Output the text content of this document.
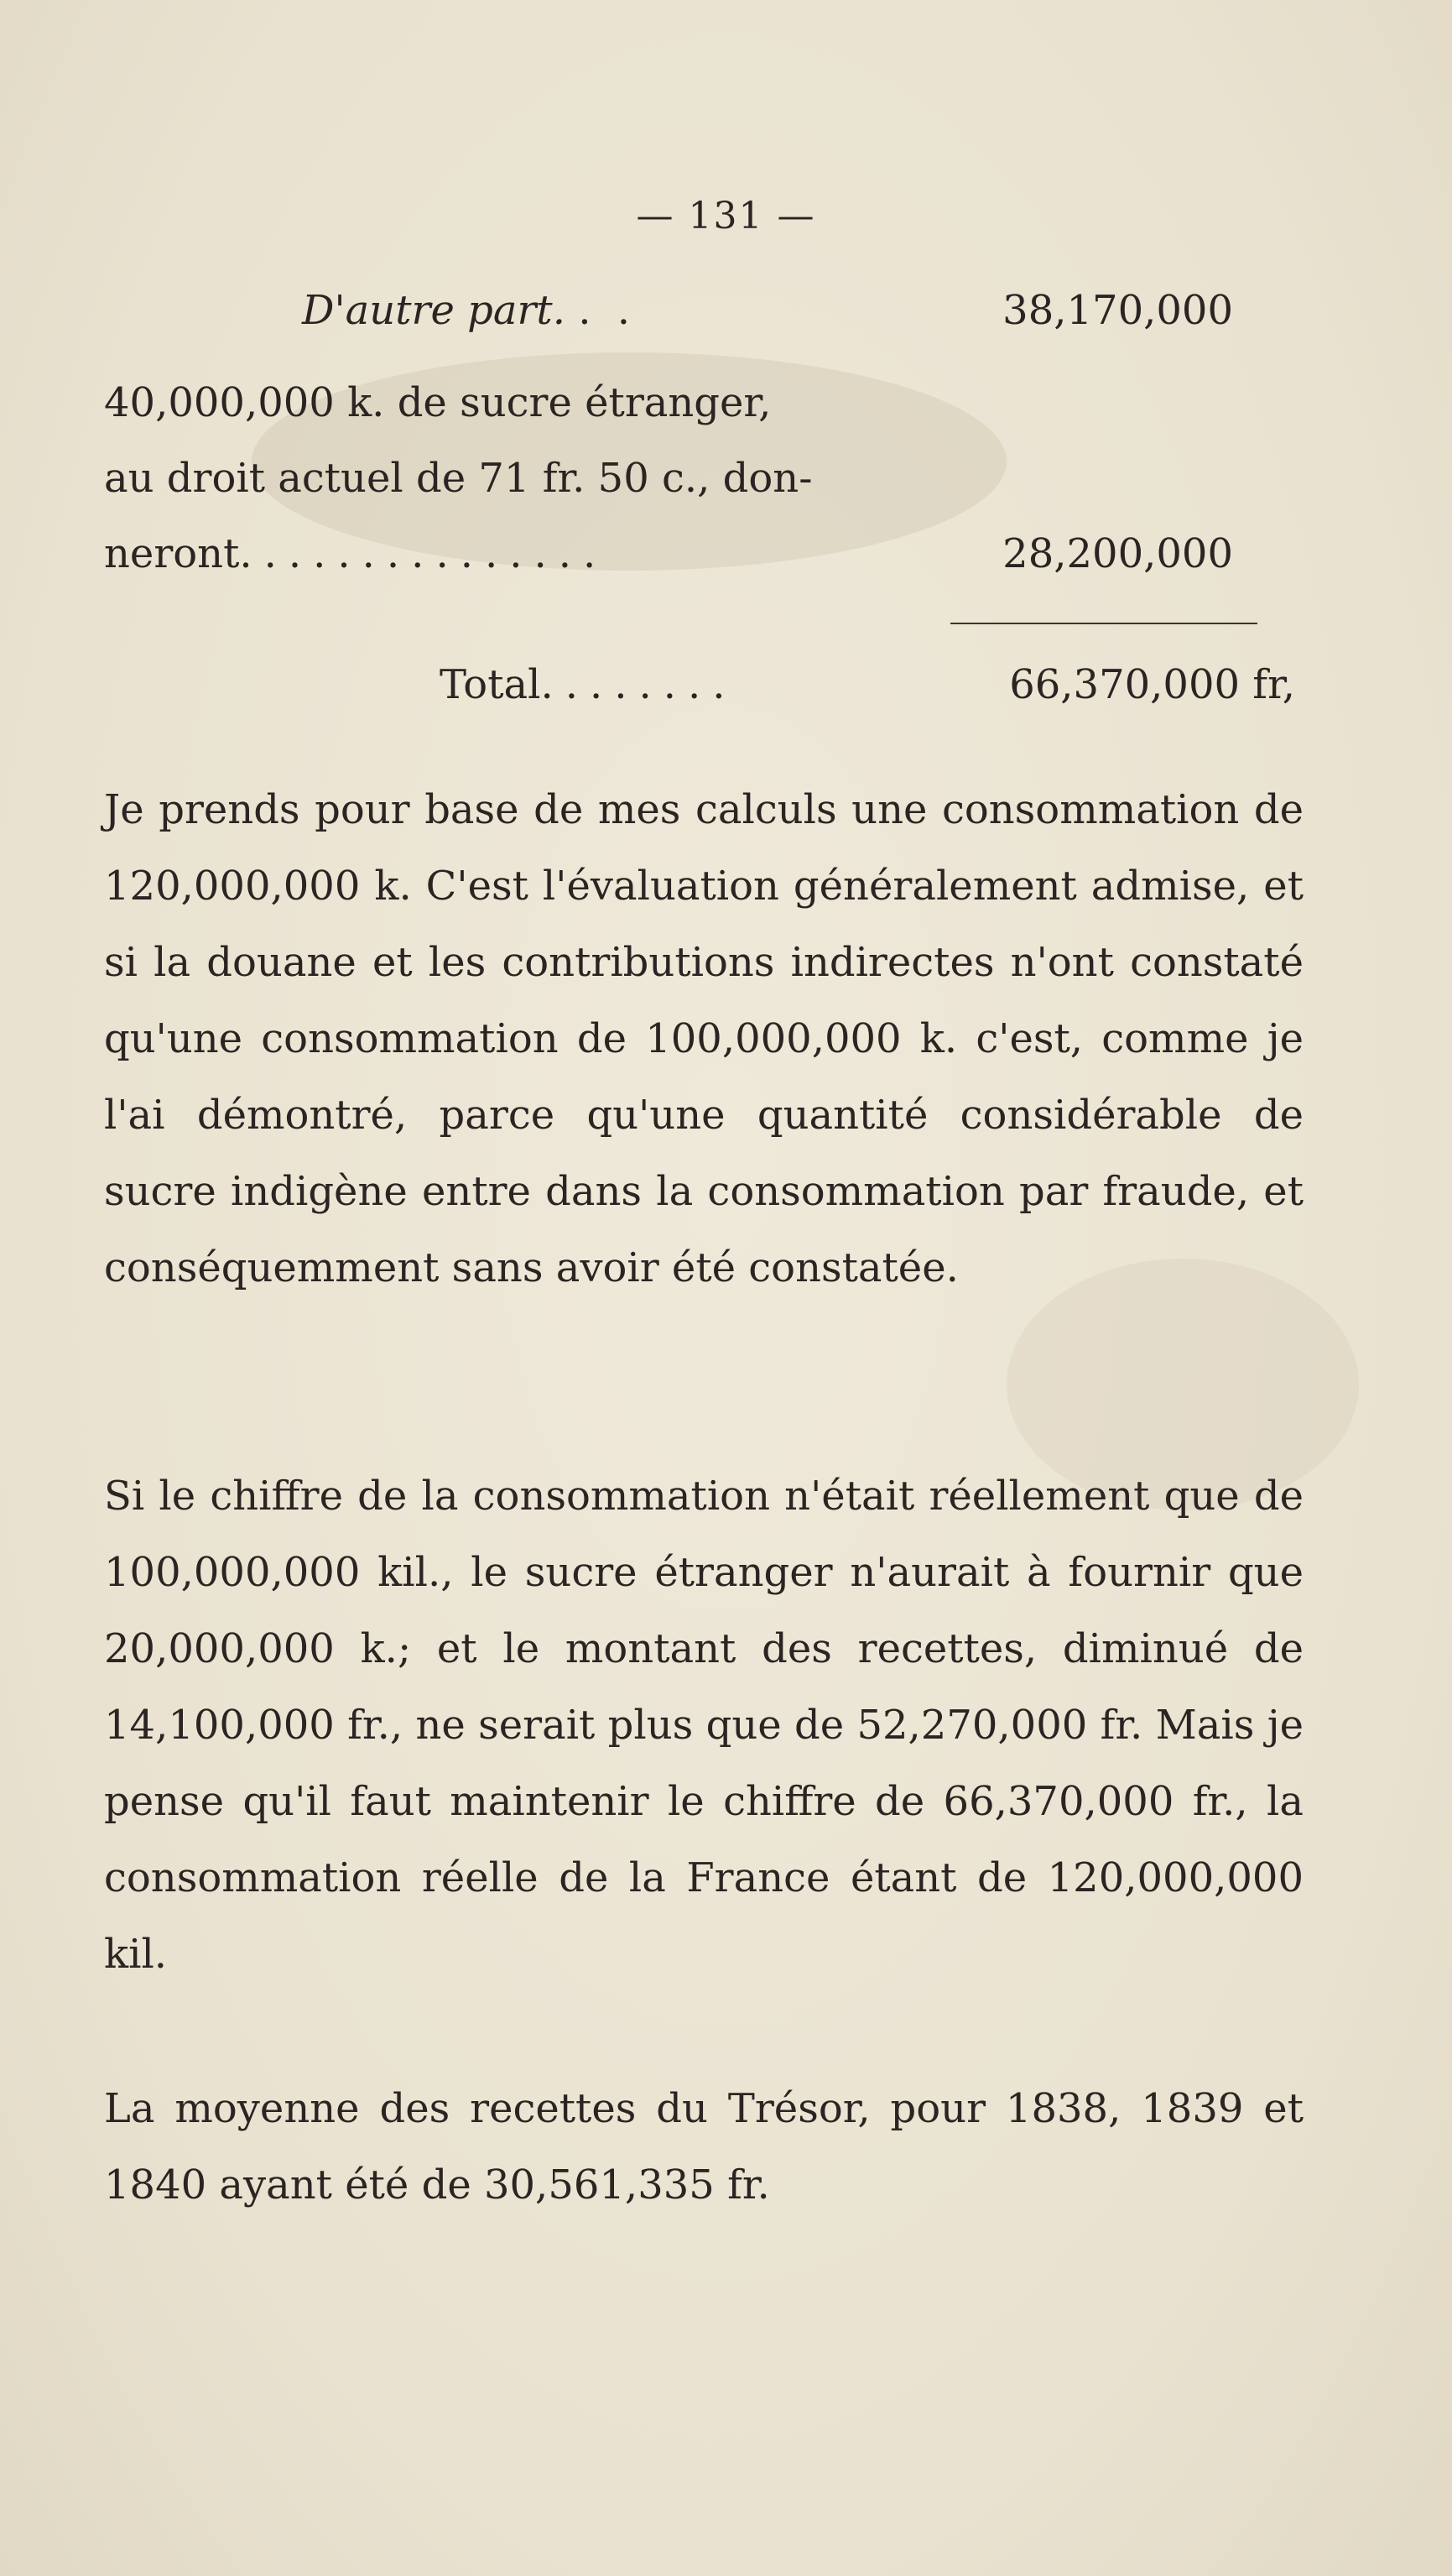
— 131 —
D'autre part. . .	38,170,000
40,000,000 k. de sucre étranger,
au droit actuel de 71 fr. 50 c., don-
neront...............	28,200,000
Total........	66,370,000 fr,

Je prends pour base de mes calculs une consommation de 120,000,000 k. C'est l'évaluation généralement admise, et si la douane et les contributions indirectes n'ont constaté qu'une consommation de 100,000,000 k. c'est, comme je l'ai démontré, parce qu'une quantité considérable de sucre indigène entre dans la consommation par fraude, et conséquemment sans avoir été constatée.

Si le chiffre de la consommation n'était réellement que de 100,000,000 kil., le sucre étranger n'aurait à fournir que 20,000,000 k.; et le montant des recettes, diminué de 14,100,000 fr., ne serait plus que de 52,270,000 fr. Mais je pense qu'il faut maintenir le chiffre de 66,370,000 fr., la consommation réelle de la France étant de 120,000,000 kil.

La moyenne des recettes du Trésor, pour 1838, 1839 et 1840 ayant été de 30,561,335 fr.
